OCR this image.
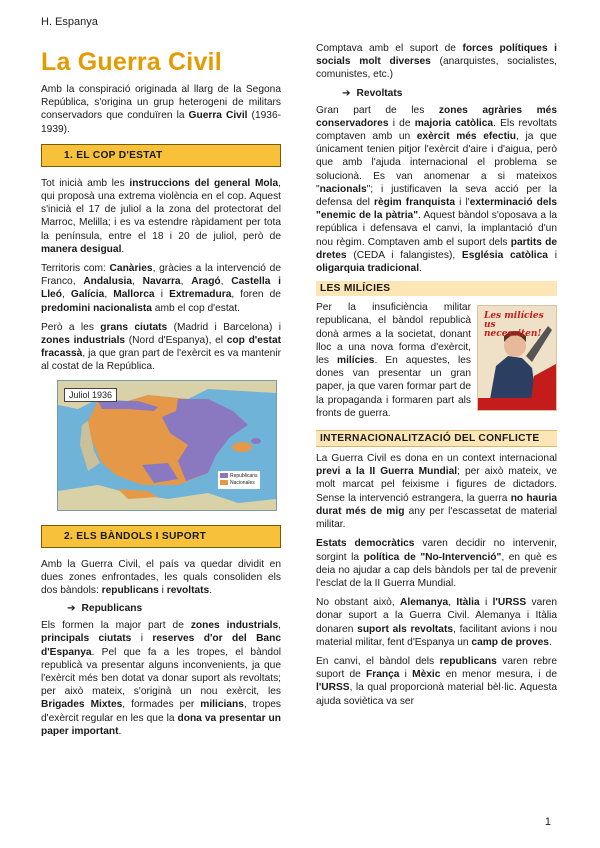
H. Espanya
La Guerra Civil

Amb la conspiració originada al llarg de la Segona República, s'origina un grup heterogeni de militars conservadors que conduïren la Guerra Civil (1936-1939).

1. EL COP D'ESTAT

Tot inicià amb les instruccions del general Mola, qui proposà una extrema violència en el cop. Aquest s'inicià el 17 de juliol a la zona del protectorat del Marroc, Melilla; i es va estendre ràpidament per tota la península, entre el 18 i 20 de juliol, però de manera desigual.

Territoris com: Canàries, gràcies a la intervenció de Franco, Andalusia, Navarra, Aragó, Castella i Lleó, Galícia, Mallorca i Extremadura, foren de predomini nacionalista amb el cop d'estat.

Però a les grans ciutats (Madrid i Barcelona) i zones industrials (Nord d'Espanya), el cop d'estat fracassà, ja que gran part de l'exèrcit es va mantenir al costat de la República.

Juliol 1936
Republicans
Nacionales
2. ELS BÀNDOLS I SUPORT

Amb la Guerra Civil, el país va quedar dividit en dues zones enfrontades, les quals consoliden els dos bàndols: republicans i revoltats.

➔ Republicans

Els formen la major part de zones industrials, principals ciutats i reserves d'or del Banc d'Espanya. Pel que fa a les tropes, el bàndol republicà va presentar alguns inconvenients, ja que l'exèrcit més ben dotat va donar suport als revoltats; per això mateix, s'originà un nou exèrcit, les Brigades Mixtes, formades per milicians, tropes d'exèrcit regular en les que la dona va presentar un paper important.

Comptava amb el suport de forces polítiques i socials molt diverses (anarquistes, socialistes, comunistes, etc.)

➔ Revoltats

Gran part de les zones agràries més conservadores i de majoria catòlica. Els revoltats comptaven amb un exèrcit més efectiu, ja que únicament tenien pitjor l'exèrcit d'aire i d'aigua, però que amb l'ajuda internacional el problema se solucionà. Es van anomenar a si mateixos "nacionals"; i justificaven la seva acció per la defensa del règim franquista i l'exterminació dels "enemic de la pàtria". Aquest bàndol s'oposava a la república i defensava el canvi, la implantació d'un nou règim. Comptaven amb el suport dels partits de dretes (CEDA i falangistes), Església catòlica i oligarquia tradicional.

LES MILÍCIES
Les milícies us necessiten!

Per la insuficiència militar republicana, el bàndol republicà donà armes a la societat, donant lloc a una nova forma d'exèrcit, les milícies. En aquestes, les dones van presentar un gran paper, ja que varen formar part de la propaganda i formaren part als fronts de guerra.

INTERNACIONALITZACIÓ DEL CONFLICTE

La Guerra Civil es dona en un context internacional previ a la II Guerra Mundial; per això mateix, ve molt marcat pel feixisme i figures de dictadors. Sense la intervenció estrangera, la guerra no hauria durat més de mig any per l'escassetat de material militar.

Estats democràtics varen decidir no intervenir, sorgint la política de "No-Intervenció", en què es deia no ajudar a cap dels bàndols per tal de prevenir l'esclat de la II Guerra Mundial.

No obstant això, Alemanya, Itàlia i l'URSS varen donar suport a la Guerra Civil. Alemanya i Itàlia donaren suport als revoltats, facilitant avions i nou material militar, fent d'Espanya un camp de proves.

En canvi, el bàndol dels republicans varen rebre suport de França i Mèxic en menor mesura, i de l'URSS, la qual proporcionà material bèl·lic. Aquesta ajuda soviètica va ser

1
